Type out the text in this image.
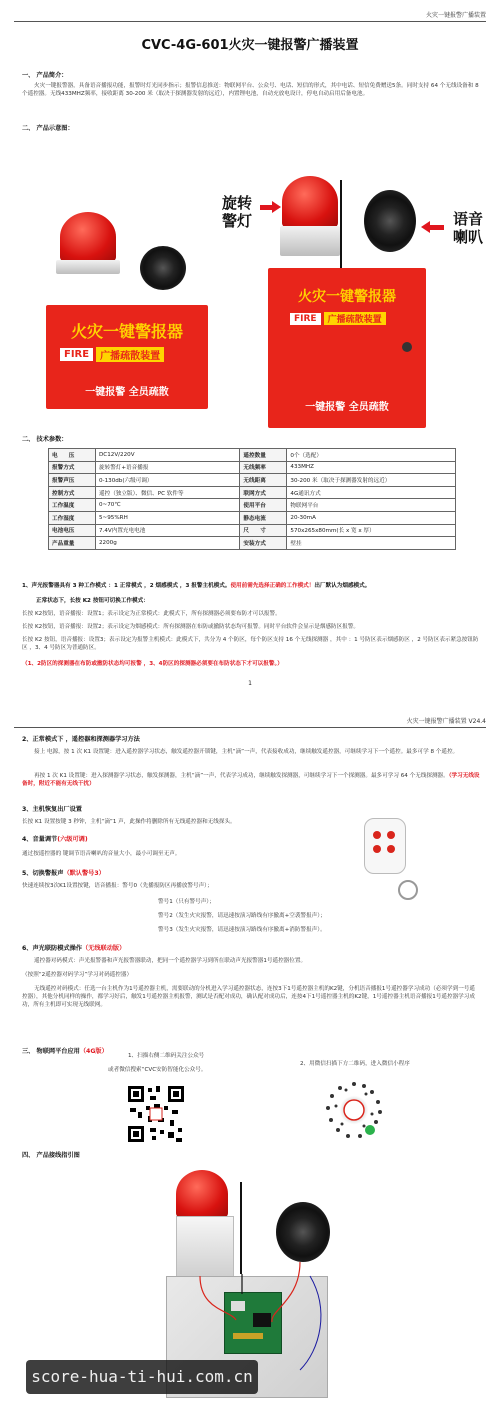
火灾一键报警广播装置
CVC-4G-601火灾一键报警广播装置
一、 产品简介：
火灾一键报警器，具备语音播报功能，报警时灯光同步指示；报警信息推送：物联网平台、公众号、电话、短信的形式，其中电话、短信免费赠送5条。同时支持 64 个无线设备和 8 个遥控器。无线433MHZ频率，接收距离 30-200 米（取决于探测器发射的远近），内置锂电池，自动充放电设计，停电自动启用后备电池。
二、 产品示意图：
火灾一键警报器
FIRE	广播疏散装置
一键报警 全员疏散
火灾一键警报器
FIRE	广播疏散装置
一键报警 全员疏散
旋转
警灯	语音
喇叭
二、 技术参数：
电　　压	DC12V/220V	遥控数量	0个（选配）
报警方式	旋转警灯+语音播报	无线频率	433MHZ
报警声压	0-130db(六级可调）	无线距离	30-200 米（取决于探测器发射的远近）
控制方式	遥控（独立版）、微信、PC 软件等	联网方式	4G通讯方式
工作温度	0~70℃	使用平台	物联网平台
工作湿度	5~95%RH	静态电流	20-30mA
电池电压	7.4V内置充电电池	尺　　寸	570x265x80mm(长 x 宽 x 厚）
产品重量	2200g	安装方式	壁挂
1、声光报警器具有 3 种工作模式 ：1 正常模式 ，2 烟感模式 ，3 报警主机模式。使用前需先选择正确的工作模式！出厂默认为烟感模式。
正常状态下，长按 K2 按钮可切换工作模式：
长按 K2按钮，语音播报：设置1；表示设定为正常模式：此模式下，所有探测器必须要布防才可以报警。
长按 K2按钮，语音播报：设置2；表示设定为烟感模式：所有探测器在布防或撤防状态均可报警。同时平台软件会显示是烟感防区报警。
长按 K2 按钮，语音播报：设置3；表示设定为报警主机模式：此模式下，共分为 4 个防区，每个防区支持 16 个无线探测器 ，其中 ：1 号防区表示烟感防区 ，2 号防区表示紧急按钮防区 ，3、4 号防区为普通防区。
（1、2防区的探测器在布防或撤防状态均可报警 ，3、4防区的探测器必须要在布防状态下才可以报警。）
1
火灾一键报警广播装置 V24.4
2、正常模式下 ，遥控器和探测器学习方法
接上 电源，按 1 次 K1 设置键：进入遥控器学习状态，触发遥控器开锁键，主机“滴”一声，代表接收成功，继续触发遥控器，可继续学习下一个遥控。最多可学 8 个遥控。
再按 1 次 K1 设置键：进入探测器学习状态，触发探测器，主机“滴”一声，代表学习成功，继续触发探测器，可继续学习下一个探测器。最多可学习 64 个无线探测器。（学习无线设备时，附近不能有无线干扰）
3、主机恢复出厂设置
长按 K1 设置按键 3 秒钟，主机“滴”1 声，此操作将删除所有无线遥控器和无线探头。
4、音量调节(六级可调)
通过按遥控器的 键调节语音喇叭的音量大小，最小可调至无声。
5、切换警报声（默认警号3）
快速连续按3次K1设置按键，语音播报：警号0（先播报防区再播放警号声）；
警号1（只有警号声）；
警号2（发生火灾报警，请迅速按演习路线有序撤离+空袭警报声）；
警号3（发生火灾报警，请迅速按演习路线有序撤离+消防警报声）。
6、声光联防模式操作（无线联动版）
遥控器对码模式：声光报警器和声光报警器联动，把同一个遥控器学习到所在联动声光报警器1号遥控器位置。
（按照“2遥控器对码学习”学习对码遥控器）
无线遥控对码模式：任选一台主机作为1号遥控器主机，需要联动的分机进入学习遥控器状态，连按3下1号遥控器主机的K2键，分机语音播报1号遥控器学习成功（必须学到一号遥控器），其他分机同样的操作，都学习好后，触发1号遥控器主机报警，测试是否配对成功，确认配对成功后，连按4下1号遥控器主机的K2键，1号遥控器主机语音播报1号遥控器学习成功，所有主机即可实现无线联网。
三、 物联网平台应用（4G版）
1、扫描右侧二维码关注公众号
或者微信搜索“CVC安防智能化公众号。
2、用微信扫描下方二维码，进入微信小程序
四、 产品接线指引图
score-hua-ti-hui.com.cn
